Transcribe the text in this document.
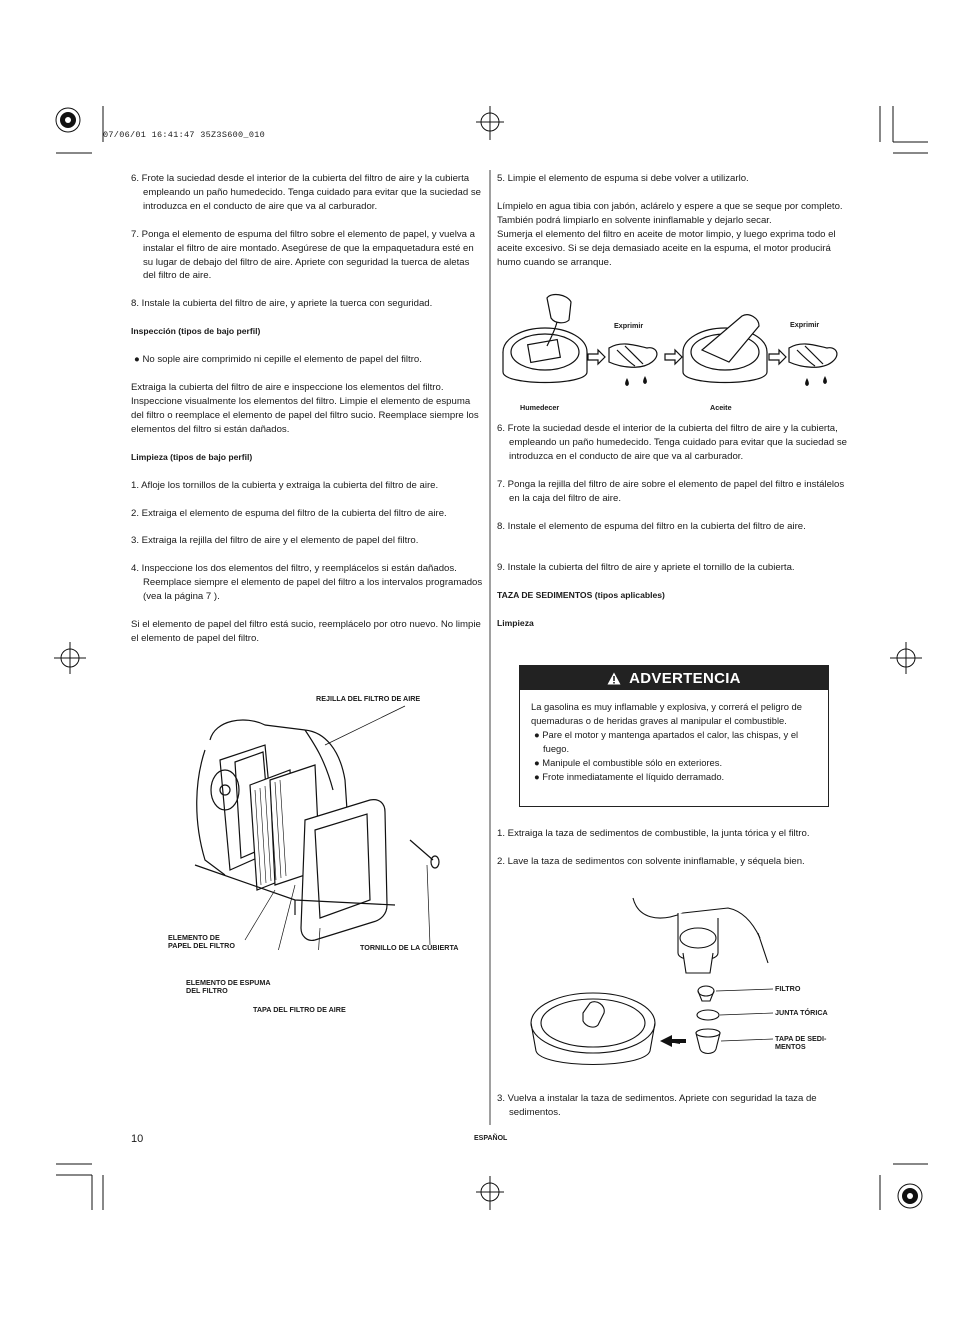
07/06/01 16:41:47 35Z3S600_010

6. Frote la suciedad desde el interior de la cubierta del filtro de aire y la cubierta empleando un paño humedecido. Tenga cuidado para evitar que la suciedad se introduzca en el conducto de aire que va al carburador.

7. Ponga el elemento de espuma del filtro sobre el elemento de papel, y vuelva a instalar el filtro de aire montado. Asegúrese de que la empaquetadura esté en su lugar de debajo del filtro de aire. Apriete con seguridad la tuerca de aletas del filtro de aire.

8. Instale la cubierta del filtro de aire, y apriete la tuerca con seguridad.

Inspección (tipos de bajo perfil)

● No sople aire comprimido ni cepille el elemento de papel del filtro.

Extraiga la cubierta del filtro de aire e inspeccione los elementos del filtro. Inspeccione visualmente los elementos del filtro. Limpie el elemento de espuma del filtro o reemplace el elemento de papel del filtro sucio. Reemplace siempre los elementos del filtro si están dañados.

Limpieza (tipos de bajo perfil)

1. Afloje los tornillos de la cubierta y extraiga la cubierta del filtro de aire.

2. Extraiga el elemento de espuma del filtro de la cubierta del filtro de aire.

3. Extraiga la rejilla del filtro de aire y el elemento de papel del filtro.

4. Inspeccione los dos elementos del filtro, y reemplácelos si están dañados. Reemplace siempre el elemento de papel del filtro a los intervalos programados (vea la página 7 ).

Si el elemento de papel del filtro está sucio, reemplácelo por otro nuevo. No limpie el elemento de papel del filtro.

REJILLA DEL FILTRO DE AIRE
ELEMENTO DE
PAPEL DEL FILTRO	TORNILLO DE LA CUBIERTA
ELEMENTO DE ESPUMA
DEL FILTRO
TAPA DEL FILTRO DE AIRE

5. Limpie el elemento de espuma si debe volver a utilizarlo.

Límpielo en agua tibia con jabón, aclárelo y espere a que se seque por completo. También podrá limpiarlo en solvente ininflamable y dejarlo secar.

Sumerja el elemento del filtro en aceite de motor limpio, y luego exprima todo el aceite excesivo. Si se deja demasiado aceite en la espuma, el motor producirá humo cuando se arranque.

Exprimir	Exprimir
Humedecer	Aceite

6. Frote la suciedad desde el interior de la cubierta del filtro de aire y la cubierta, empleando un paño humedecido. Tenga cuidado para evitar que la suciedad se introduzca en el conducto de aire que va al carburador.

7. Ponga la rejilla del filtro de aire sobre el elemento de papel del filtro e instálelos en la caja del filtro de aire.

8. Instale el elemento de espuma del filtro en la cubierta del filtro de aire.

9. Instale la cubierta del filtro de aire y apriete el tornillo de la cubierta.

TAZA DE SEDIMENTOS (tipos aplicables)

Limpieza

ADVERTENCIA

La gasolina es muy inflamable y explosiva, y correrá el peligro de quemaduras o de heridas graves al manipular el combustible.

● Pare el motor y mantenga apartados el calor, las chispas, y el fuego.

● Manipule el combustible sólo en exteriores.

● Frote inmediatamente el líquido derramado.

1. Extraiga la taza de sedimentos de combustible, la junta tórica y el filtro.

2. Lave la taza de sedimentos con solvente ininflamable, y séquela bien.

FILTRO
JUNTA TÓRICA
TAPA DE SEDI-
MENTOS

3. Vuelva a instalar la taza de sedimentos. Apriete con seguridad la taza de sedimentos.

10	ESPAÑOL
